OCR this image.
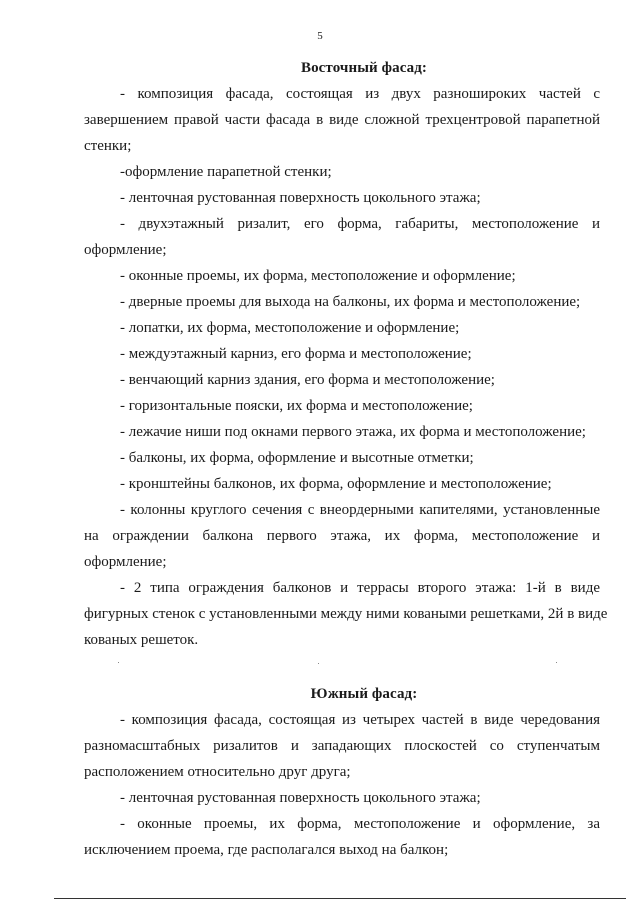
5
Восточный фасад:
- композиция фасада, состоящая из двух разноширoких частей с
завершением правой части фасада в виде сложной трехцентровой парапетной
стенки;
-оформление парапетной стенки;
- ленточная рустованная поверхность цокольного этажа;
- двухэтажный ризалит, его форма, габариты, местоположение и
оформление;
- оконные проемы, их форма, местоположение и оформление;
- дверные проемы для выхода на балконы, их форма и местоположение;
- лопатки, их форма, местоположение и оформление;
- междуэтажный карниз, его форма и местоположение;
- венчающий карниз здания, его форма и местоположение;
- горизонтальные пояски, их форма и местоположение;
- лежачие ниши под окнами первого этажа, их форма и местоположение;
- балконы, их форма, оформление и высотные отметки;
- кронштейны балконов, их форма, оформление и местоположение;
- колонны круглого сечения с внеордерными капителями, установленные
на ограждении балкона первого этажа, их форма, местоположение и
оформление;
- 2 типа ограждения балконов и террасы второго этажа: 1-й в виде
фигурных стенок с установленными между ними коваными решетками, 2й в виде
кованых решеток.
Южный фасад:
- композиция фасада, состоящая из четырех частей в виде чередования
разномасштабных ризалитов и западающих плоскостей со ступенчатым
расположением относительно друг друга;
- ленточная рустованная поверхность цокольного этажа;
- оконные проемы, их форма, местоположение и оформление, за
исключением проема, где располагался выход на балкон;
